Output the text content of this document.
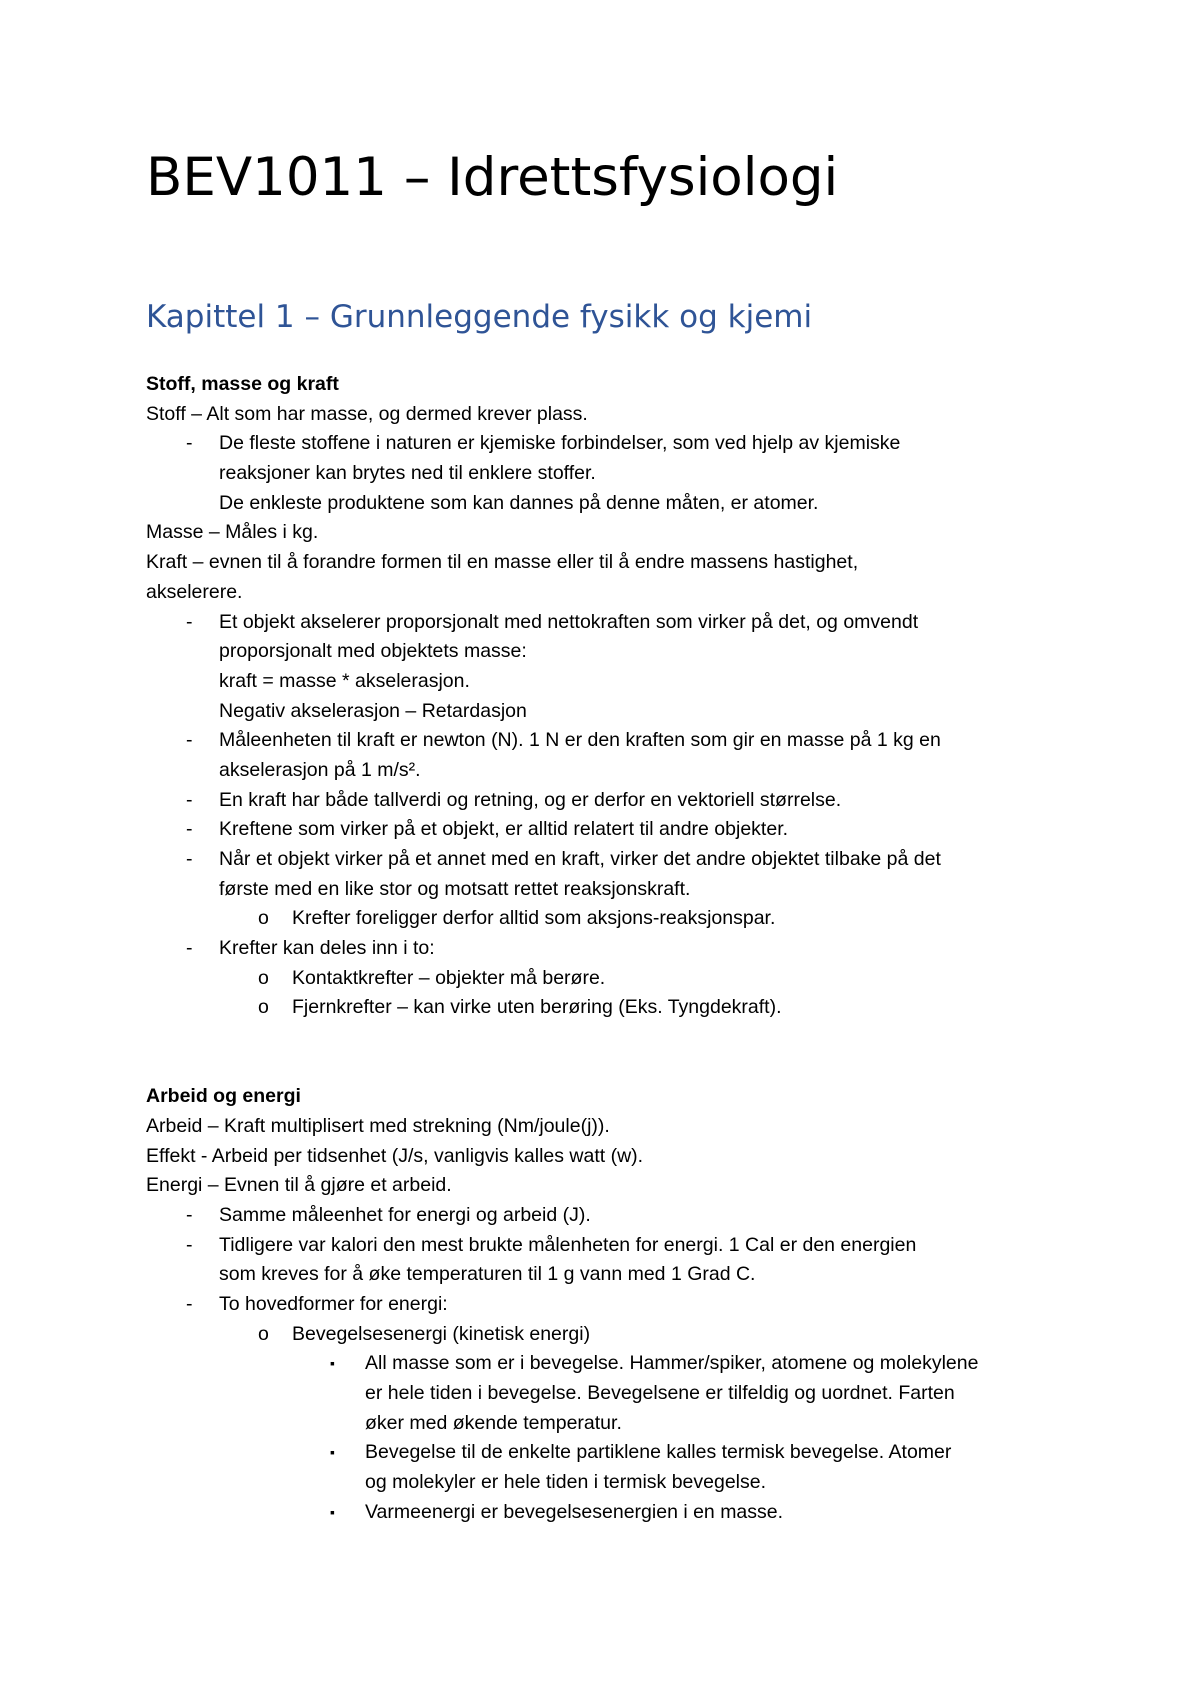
BEV1011 – Idrettsfysiologi
Kapittel 1 – Grunnleggende fysikk og kjemi
Stoff, masse og kraft
Stoff – Alt som har masse, og dermed krever plass.
- De fleste stoffene i naturen er kjemiske forbindelser, som ved hjelp av kjemiske
reaksjoner kan brytes ned til enklere stoffer.
De enkleste produktene som kan dannes på denne måten, er atomer.
Masse – Måles i kg.
Kraft – evnen til å forandre formen til en masse eller til å endre massens hastighet,
akselerere.
- Et objekt akselerer proporsjonalt med nettokraften som virker på det, og omvendt
proporsjonalt med objektets masse:
kraft = masse * akselerasjon.
Negativ akselerasjon – Retardasjon
- Måleenheten til kraft er newton (N). 1 N er den kraften som gir en masse på 1 kg en
akselerasjon på 1 m/s².
- En kraft har både tallverdi og retning, og er derfor en vektoriell størrelse.
- Kreftene som virker på et objekt, er alltid relatert til andre objekter.
- Når et objekt virker på et annet med en kraft, virker det andre objektet tilbake på det
første med en like stor og motsatt rettet reaksjonskraft.
o Krefter foreligger derfor alltid som aksjons-reaksjonspar.
- Krefter kan deles inn i to:
o Kontaktkrefter – objekter må berøre.
o Fjernkrefter – kan virke uten berøring (Eks. Tyngdekraft).
Arbeid og energi
Arbeid – Kraft multiplisert med strekning (Nm/joule(j)).
Effekt - Arbeid per tidsenhet (J/s, vanligvis kalles watt (w).
Energi – Evnen til å gjøre et arbeid.
- Samme måleenhet for energi og arbeid (J).
- Tidligere var kalori den mest brukte målenheten for energi. 1 Cal er den energien
som kreves for å øke temperaturen til 1 g vann med 1 Grad C.
- To hovedformer for energi:
o Bevegelsesenergi (kinetisk energi)
▪ All masse som er i bevegelse. Hammer/spiker, atomene og molekylene
er hele tiden i bevegelse. Bevegelsene er tilfeldig og uordnet. Farten
øker med økende temperatur.
▪ Bevegelse til de enkelte partiklene kalles termisk bevegelse. Atomer
og molekyler er hele tiden i termisk bevegelse.
▪ Varmeenergi er bevegelsesenergien i en masse.
